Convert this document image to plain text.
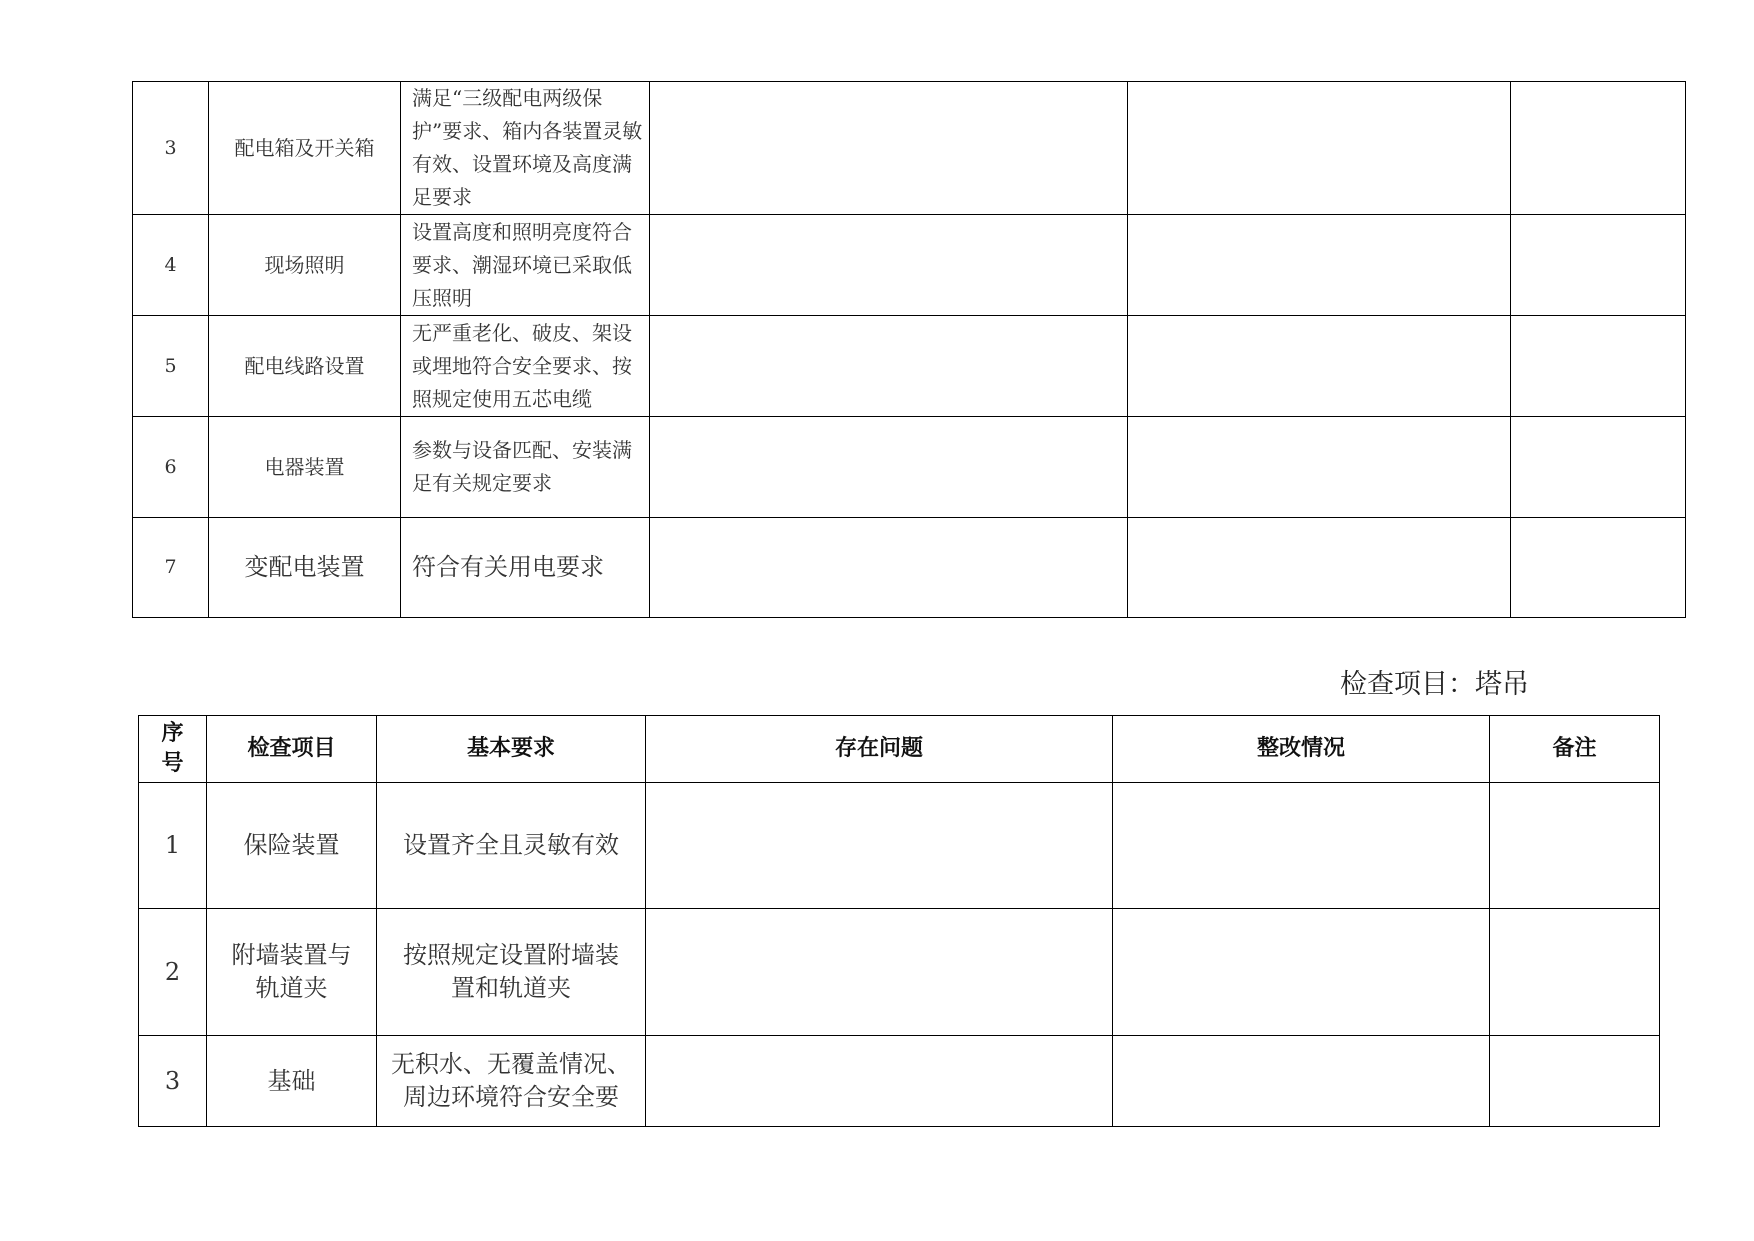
3	配电箱及开关箱	满足“三级配电两级保护”要求、箱内各装置灵敏有效、设置环境及高度满足要求			
4	现场照明	设置高度和照明亮度符合要求、潮湿环境已采取低压照明			
5	配电线路设置	无严重老化、破皮、架设或埋地符合安全要求、按照规定使用五芯电缆			
6	电器装置	参数与设备匹配、安装满足有关规定要求			
7	变配电装置	符合有关用电要求			
检查项目：塔吊
序号	检查项目	基本要求	存在问题	整改情况	备注
1	保险装置	设置齐全且灵敏有效			
2	附墙装置与轨道夹	按照规定设置附墙装置和轨道夹			
3	基础	无积水、无覆盖情况、周边环境符合安全要			
